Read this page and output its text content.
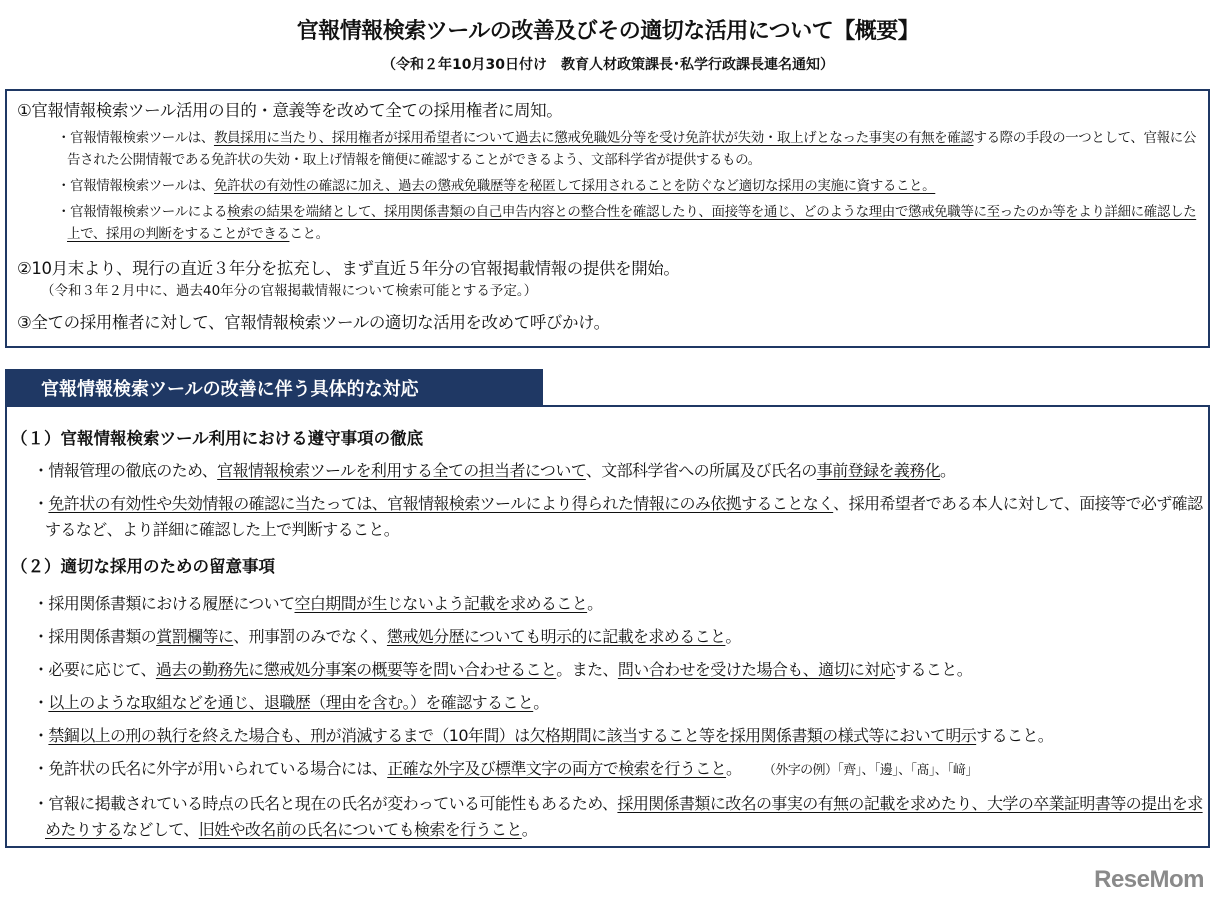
官報情報検索ツールの改善及びその適切な活用について【概要】
（令和２年10月30日付け　教育人材政策課長･私学行政課長連名通知）
①官報情報検索ツール活用の目的・意義等を改めて全ての採用権者に周知。
・官報情報検索ツールは、教員採用に当たり、採用権者が採用希望者について過去に懲戒免職処分等を受け免許状が失効・取上げとなった事実の有無を確認する際の手段の一つとして、官報に公告された公開情報である免許状の失効・取上げ情報を簡便に確認することができるよう、文部科学省が提供するもの。
・官報情報検索ツールは、免許状の有効性の確認に加え、過去の懲戒免職歴等を秘匿して採用されることを防ぐなど適切な採用の実施に資すること。
・官報情報検索ツールによる検索の結果を端緒として、採用関係書類の自己申告内容との整合性を確認したり、面接等を通じ、どのような理由で懲戒免職等に至ったのか等をより詳細に確認した上で、採用の判断をすることができること。
②10月末より、現行の直近３年分を拡充し、まず直近５年分の官報掲載情報の提供を開始。
（令和３年２月中に、過去40年分の官報掲載情報について検索可能とする予定。）
③全ての採用権者に対して、官報情報検索ツールの適切な活用を改めて呼びかけ。
官報情報検索ツールの改善に伴う具体的な対応
（１）官報情報検索ツール利用における遵守事項の徹底
・情報管理の徹底のため、官報情報検索ツールを利用する全ての担当者について、文部科学省への所属及び氏名の事前登録を義務化。
・免許状の有効性や失効情報の確認に当たっては、官報情報検索ツールにより得られた情報にのみ依拠することなく、採用希望者である本人に対して、面接等で必ず確認するなど、より詳細に確認した上で判断すること。
（２）適切な採用のための留意事項
・採用関係書類における履歴について空白期間が生じないよう記載を求めること。
・採用関係書類の賞罰欄等に、刑事罰のみでなく、懲戒処分歴についても明示的に記載を求めること。
・必要に応じて、過去の勤務先に懲戒処分事案の概要等を問い合わせること。また、問い合わせを受けた場合も、適切に対応すること。
・以上のような取組などを通じ、退職歴（理由を含む。）を確認すること。
・禁錮以上の刑の執行を終えた場合も、刑が消滅するまで（10年間）は欠格期間に該当すること等を採用関係書類の様式等において明示すること。
・免許状の氏名に外字が用いられている場合には、正確な外字及び標準文字の両方で検索を行うこと。 （外字の例）「齊」、「邊」、「髙」、「﨑」
・官報に掲載されている時点の氏名と現在の氏名が変わっている可能性もあるため、採用関係書類に改名の事実の有無の記載を求めたり、大学の卒業証明書等の提出を求めたりするなどして、旧姓や改名前の氏名についても検索を行うこと。
ReseMom
